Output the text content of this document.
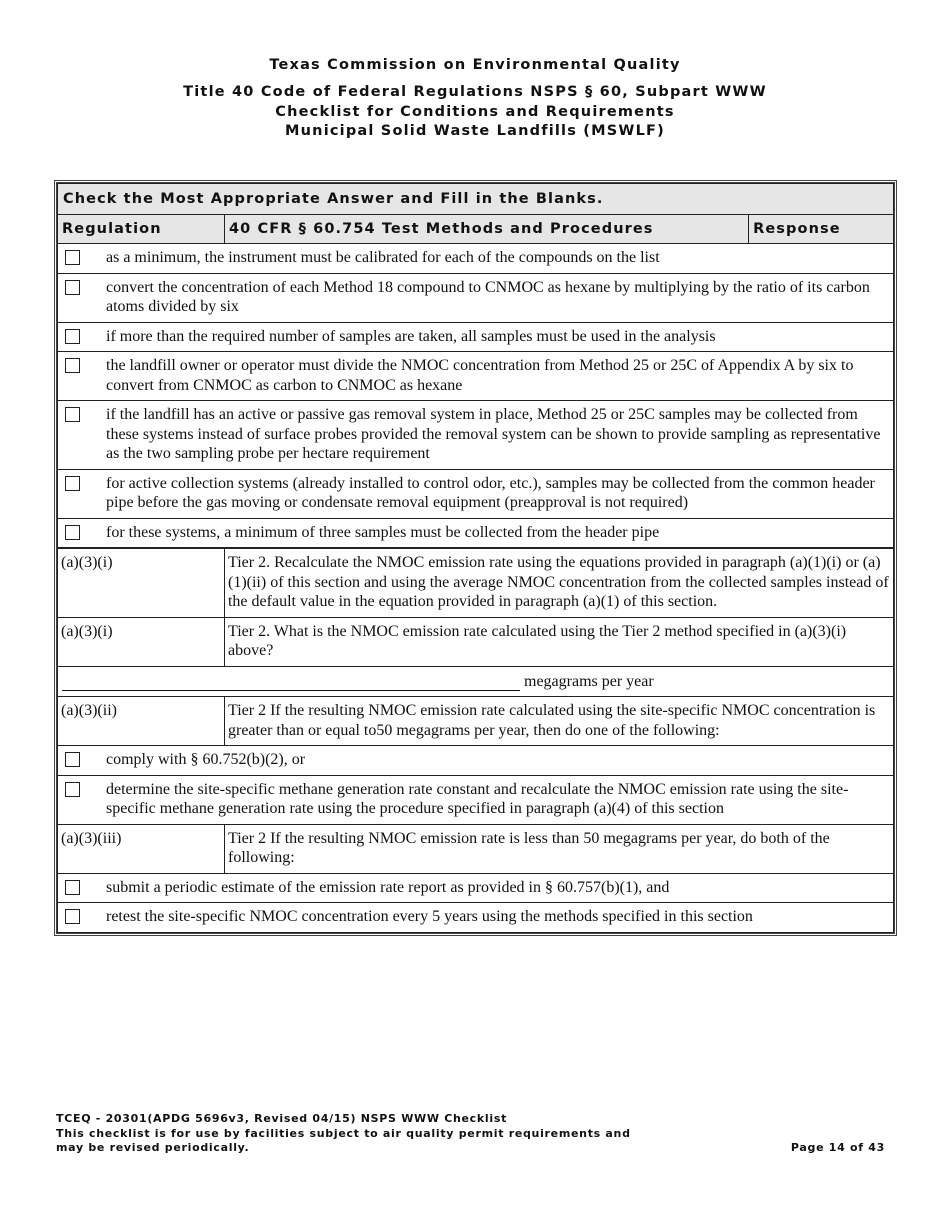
Texas Commission on Environmental Quality
Title 40 Code of Federal Regulations NSPS § 60, Subpart WWW
Checklist for Conditions and Requirements
Municipal Solid Waste Landfills (MSWLF)
Check the Most Appropriate Answer and Fill in the Blanks.		
Regulation	40 CFR § 60.754 Test Methods and Procedures	Response

as a minimum, the instrument must be calibrated for each of the compounds on the list		

convert the concentration of each Method 18 compound to CNMOC as hexane by multiplying by the ratio of its carbon atoms divided by six		

if more than the required number of samples are taken, all samples must be used in the analysis		

the landfill owner or operator must divide the NMOC concentration from Method 25 or 25C of Appendix A by six to convert from CNMOC as carbon to CNMOC as hexane		

if the landfill has an active or passive gas removal system in place, Method 25 or 25C samples may be collected from these systems instead of surface probes provided the removal system can be shown to provide sampling as representative as the two sampling probe per hectare requirement		

for active collection systems (already installed to control odor, etc.), samples may be collected from the common header pipe before the gas moving or condensate removal equipment (preapproval is not required)		

for these systems, a minimum of three samples must be collected from the header pipe		

(a)(3)(i)	Tier 2. Recalculate the NMOC emission rate using the equations provided in paragraph (a)(1)(i) or (a)(1)(ii) of this section and using the average NMOC concentration from the collected samples instead of the default value in the equation provided in paragraph (a)(1) of this section.	
(a)(3)(i)	Tier 2. What is the NMOC emission rate calculated using the Tier 2 method specified in (a)(3)(i) above?	
megagrams per year		
(a)(3)(ii)	Tier 2 If the resulting NMOC emission rate calculated using the site-specific NMOC concentration is greater than or equal to50 megagrams per year, then do one of the following:	

comply with § 60.752(b)(2), or		

determine the site-specific methane generation rate constant and recalculate the NMOC emission rate using the site-specific methane generation rate using the procedure specified in paragraph (a)(4) of this section		

(a)(3)(iii)	Tier 2 If the resulting NMOC emission rate is less than 50 megagrams per year, do both of the following:	

submit a periodic estimate of the emission rate report as provided in § 60.757(b)(1), and		

retest the site-specific NMOC concentration every 5 years using the methods specified in this section		
TCEQ - 20301(APDG 5696v3, Revised 04/15) NSPS WWW Checklist
This checklist is for use by facilities subject to air quality permit requirements and
may be revised periodically.	Page 14 of 43
